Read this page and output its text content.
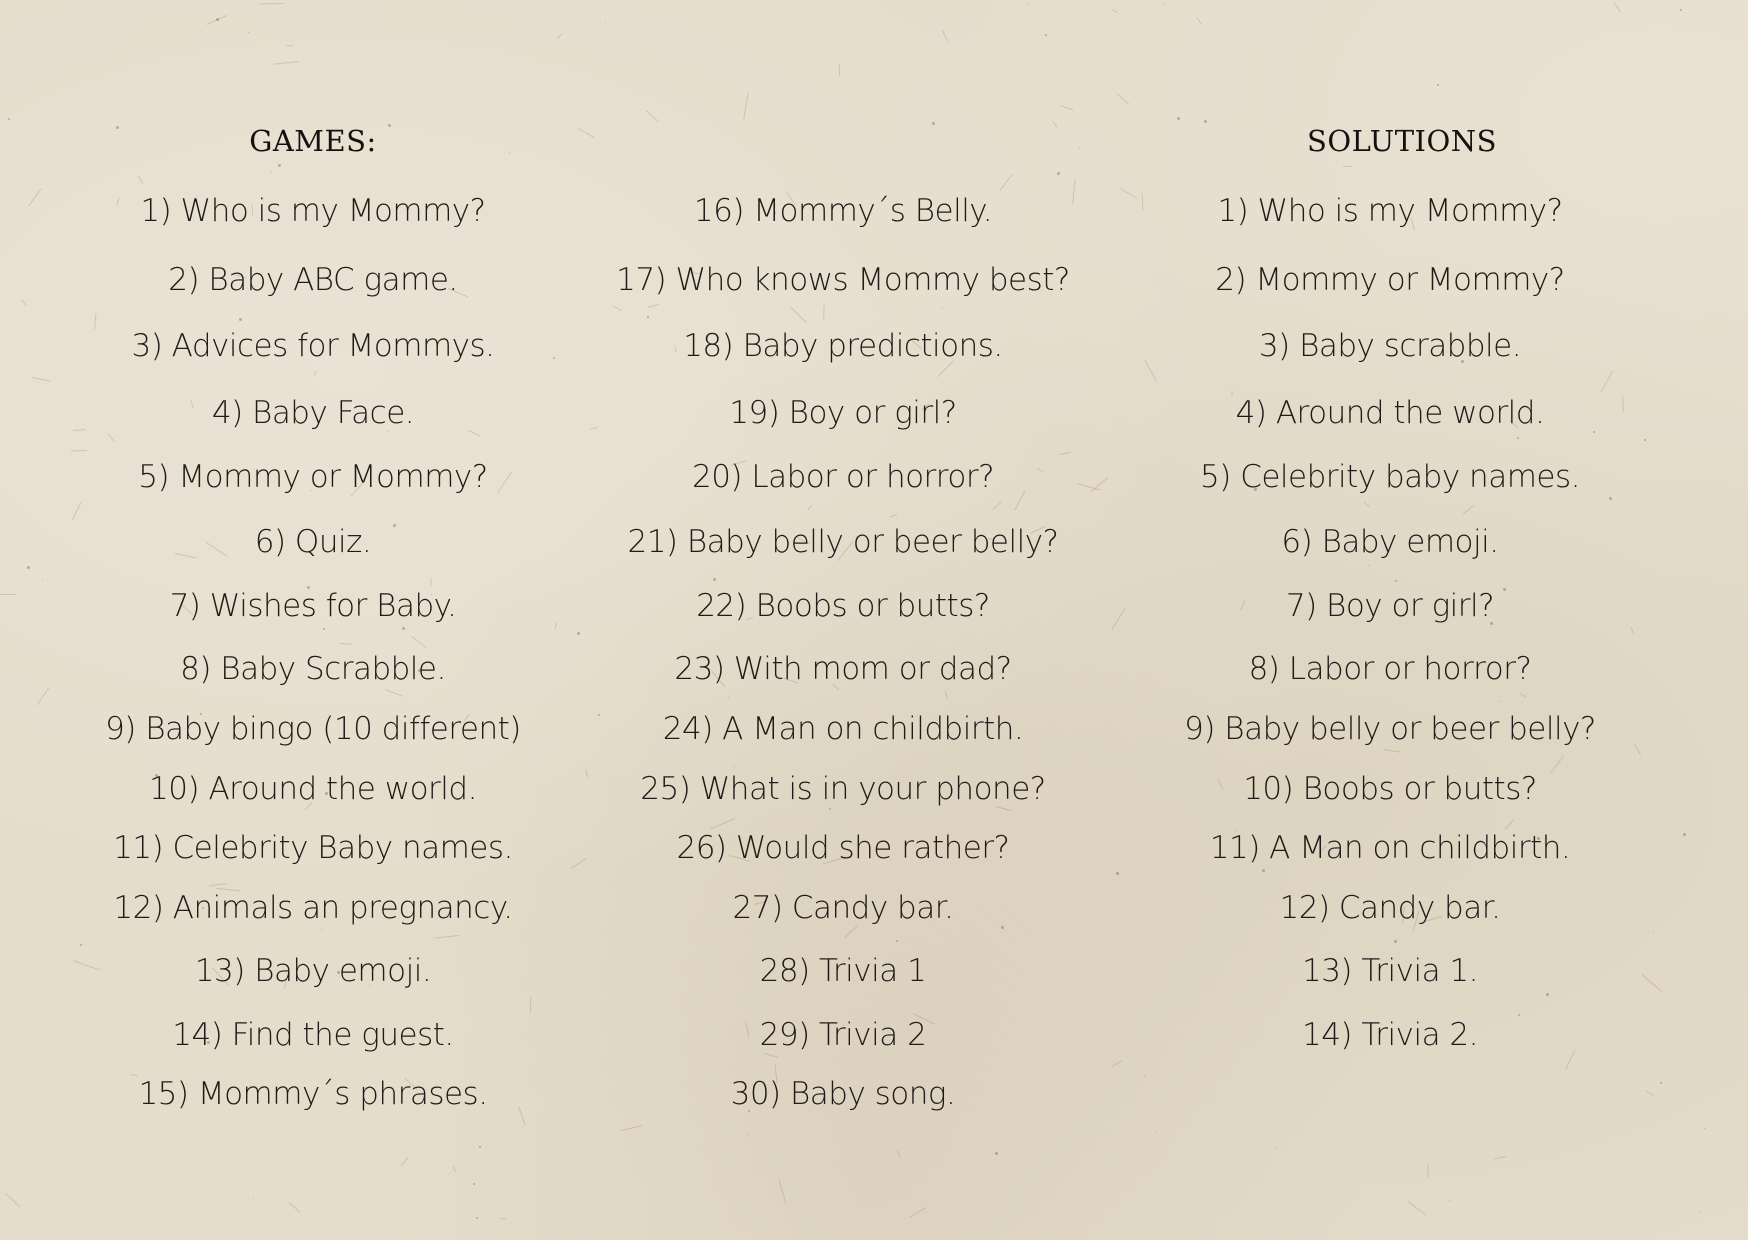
GAMES:	SOLUTIONS
1) Who is my Mommy?
2) Baby ABC game.
3) Advices for Mommys.
4) Baby Face.
5) Mommy or Mommy?
6) Quiz.
7) Wishes for Baby.
8) Baby Scrabble.
9) Baby bingo (10 different)
10) Around the world.
11) Celebrity Baby names.
12) Animals an pregnancy.
13) Baby emoji.
14) Find the guest.
15) Mommy´s phrases.
16) Mommy´s Belly.
17) Who knows Mommy best?
18) Baby predictions.
19) Boy or girl?
20) Labor or horror?
21) Baby belly or beer belly?
22) Boobs or butts?
23) With mom or dad?
24) A Man on childbirth.
25) What is in your phone?
26) Would she rather?
27) Candy bar.
28) Trivia 1
29) Trivia 2
30) Baby song.
1) Who is my Mommy?
2) Mommy or Mommy?
3) Baby scrabble.
4) Around the world.
5) Celebrity baby names.
6) Baby emoji.
7) Boy or girl?
8) Labor or horror?
9) Baby belly or beer belly?
10) Boobs or butts?
11) A Man on childbirth.
12) Candy bar.
13) Trivia 1.
14) Trivia 2.
